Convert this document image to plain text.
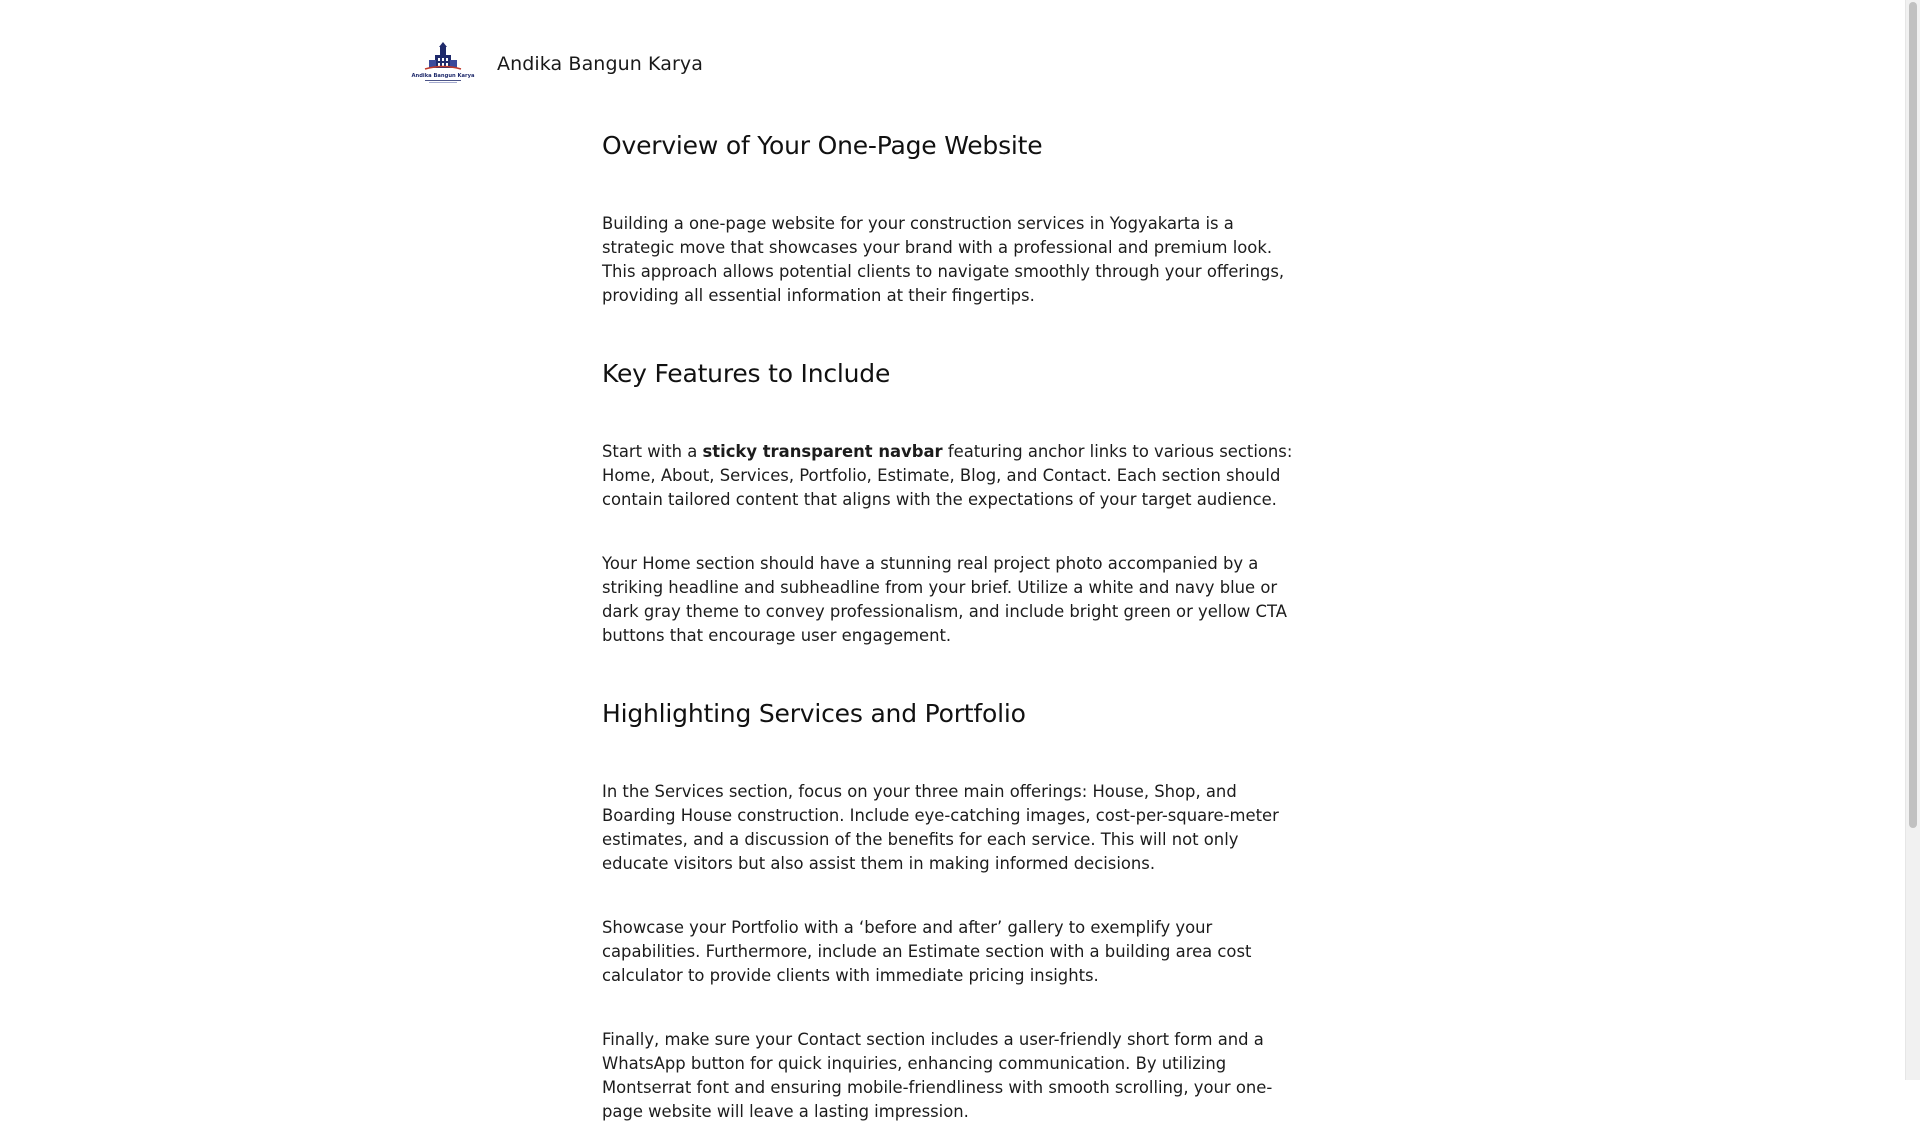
Andika Bangun Karya
Andika Bangun Karya
Overview of Your One-Page Website

Building a one-page website for your construction services in Yogyakarta is a strategic move that showcases your brand with a professional and premium look. This approach allows potential clients to navigate smoothly through your offerings, providing all essential information at their fingertips.

Key Features to Include

Start with a sticky transparent navbar featuring anchor links to various sections: Home, About, Services, Portfolio, Estimate, Blog, and Contact. Each section should contain tailored content that aligns with the expectations of your target audience.

Your Home section should have a stunning real project photo accompanied by a striking headline and subheadline from your brief. Utilize a white and navy blue or dark gray theme to convey professionalism, and include bright green or yellow CTA buttons that encourage user engagement.

Highlighting Services and Portfolio

In the Services section, focus on your three main offerings: House, Shop, and Boarding House construction. Include eye-catching images, cost-per-square-meter estimates, and a discussion of the benefits for each service. This will not only educate visitors but also assist them in making informed decisions.

Showcase your Portfolio with a ‘before and after’ gallery to exemplify your capabilities. Furthermore, include an Estimate section with a building area cost calculator to provide clients with immediate pricing insights.

Finally, make sure your Contact section includes a user-friendly short form and a WhatsApp button for quick inquiries, enhancing communication. By utilizing Montserrat font and ensuring mobile-friendliness with smooth scrolling, your one-page website will leave a lasting impression.
